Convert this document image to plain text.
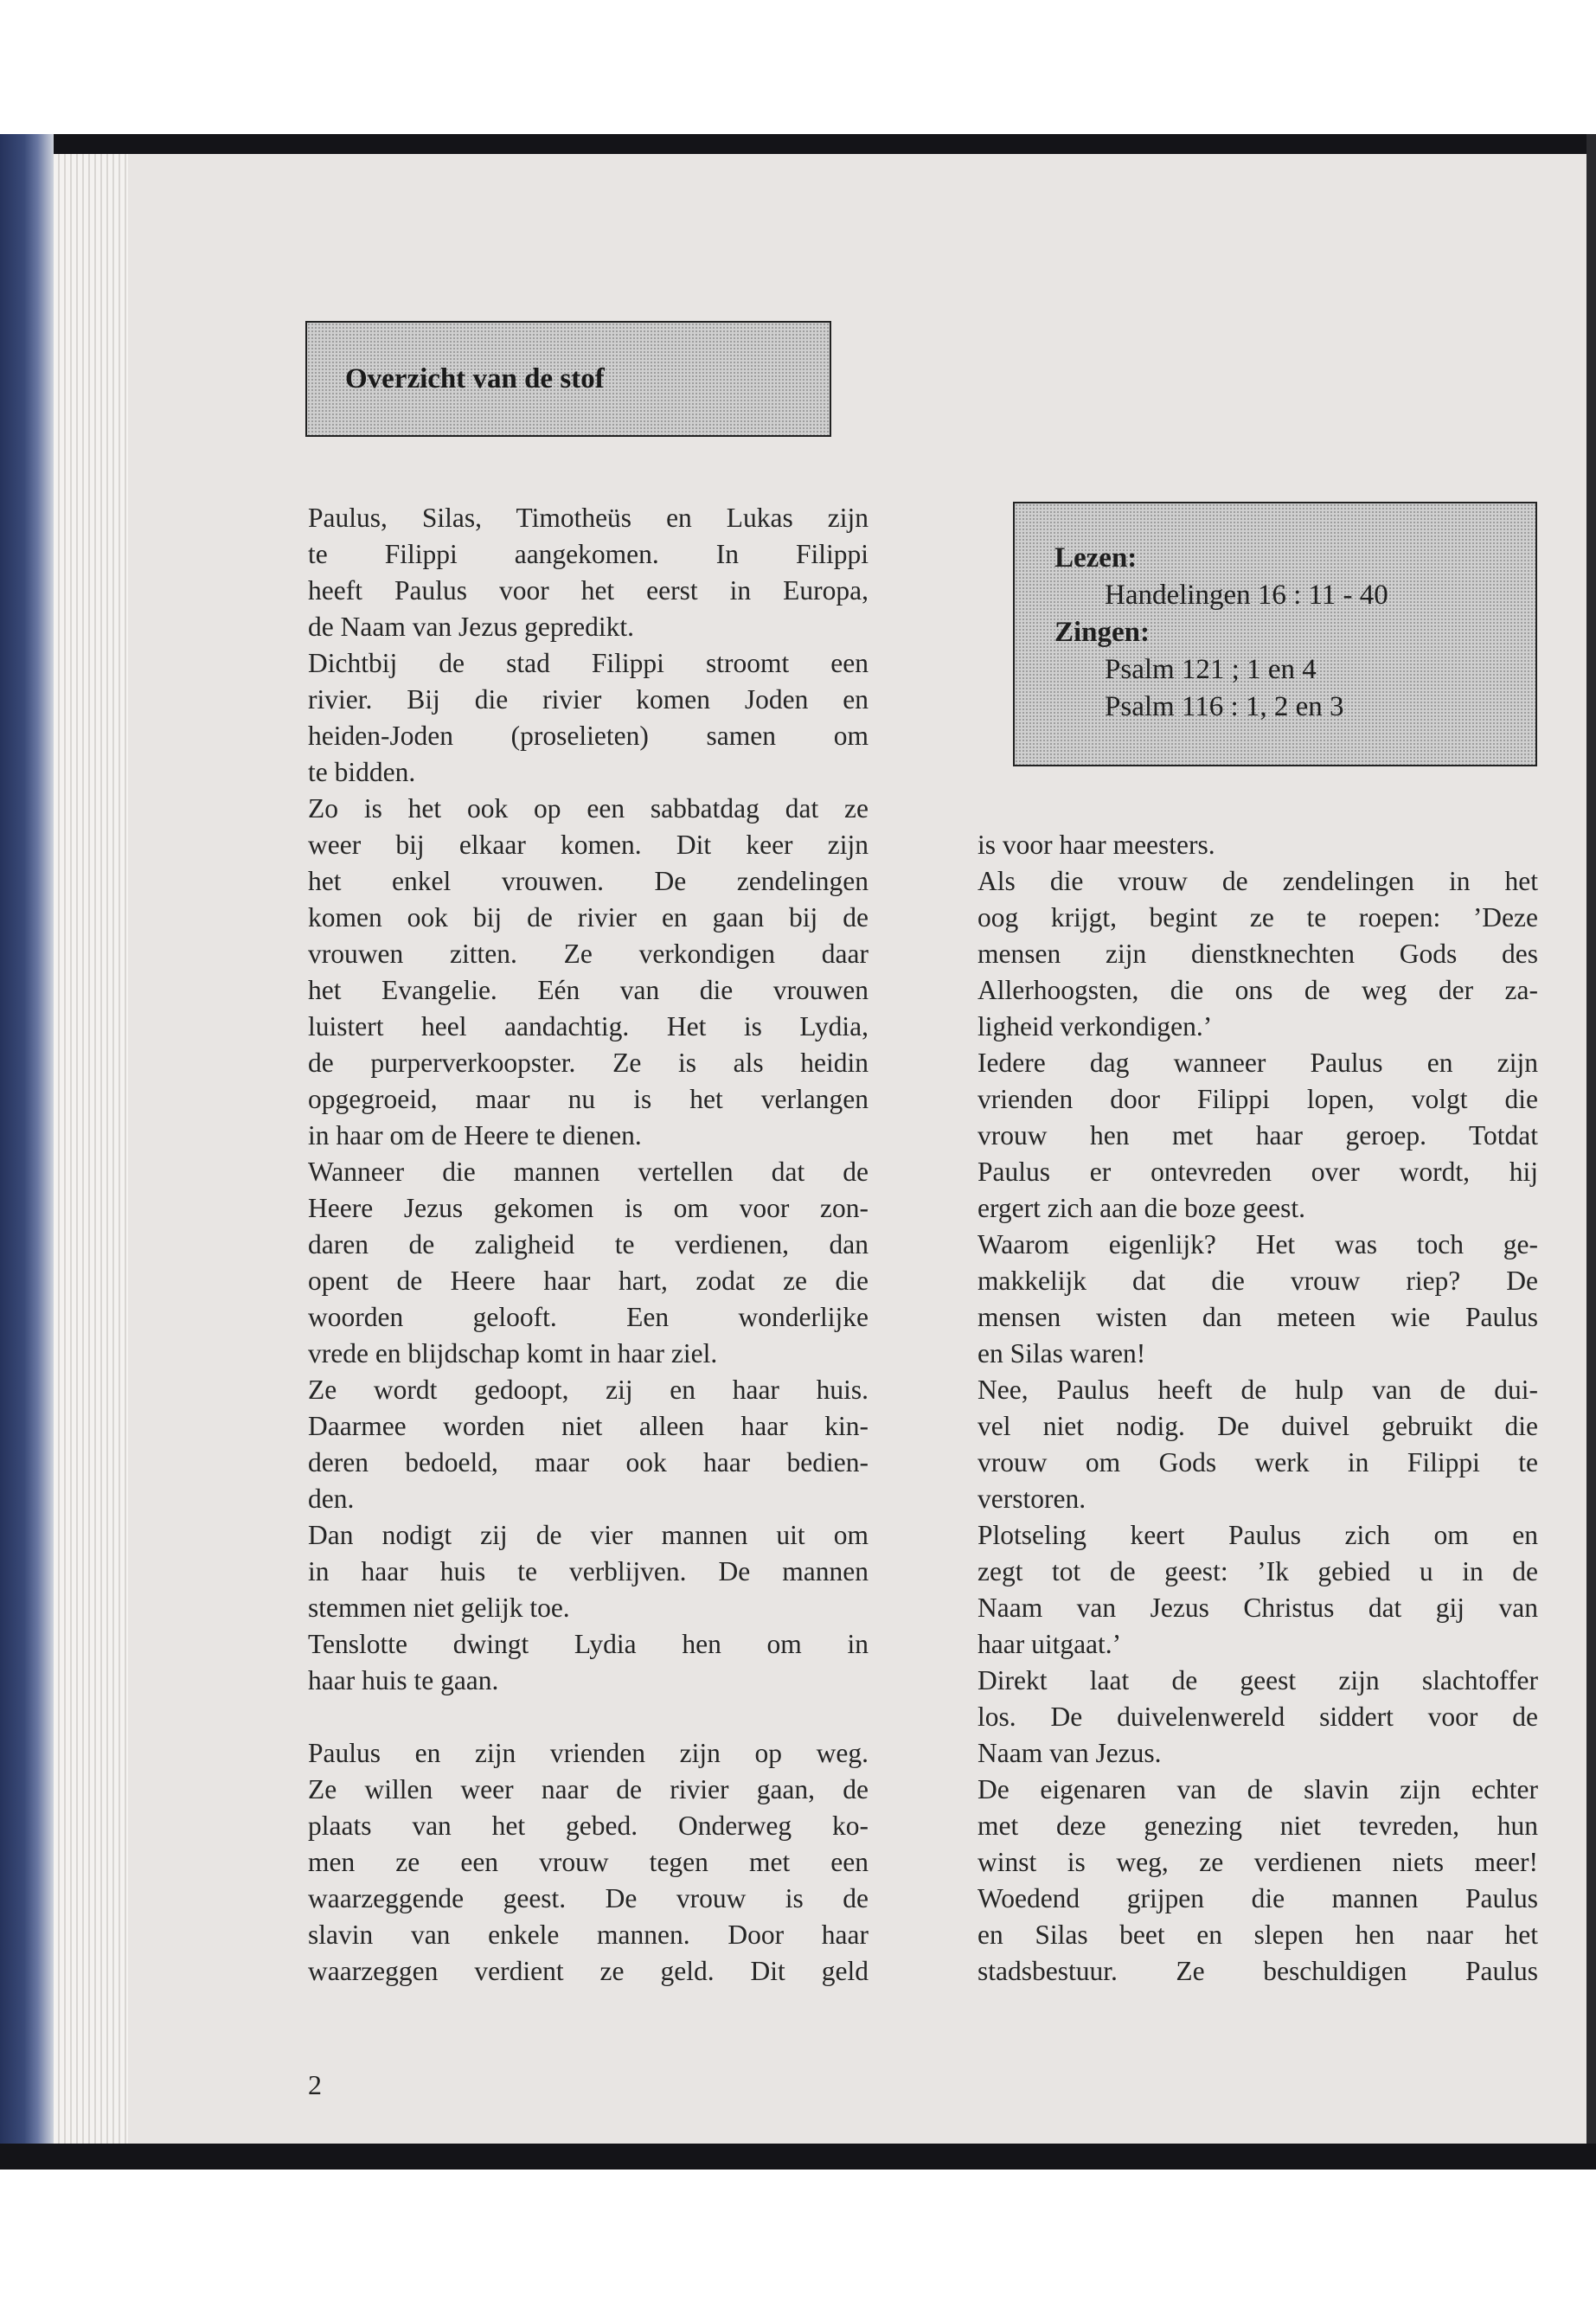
Overzicht van de stof
Lezen:
Handelingen 16 : 11 - 40
Zingen:
Psalm 121 ; 1 en 4
Psalm 116 : 1, 2 en 3
Paulus, Silas, Timotheüs en Lukas zijn
te Filippi aangekomen. In Filippi
heeft Paulus voor het eerst in Europa,
de Naam van Jezus gepredikt.
Dichtbij de stad Filippi stroomt een
rivier. Bij die rivier komen Joden en
heiden-Joden (proselieten) samen om
te bidden.
Zo is het ook op een sabbatdag dat ze
weer bij elkaar komen. Dit keer zijn
het enkel vrouwen. De zendelingen
komen ook bij de rivier en gaan bij de
vrouwen zitten. Ze verkondigen daar
het Evangelie. Eén van die vrouwen
luistert heel aandachtig. Het is Lydia,
de purperverkoopster. Ze is als heidin
opgegroeid, maar nu is het verlangen
in haar om de Heere te dienen.
Wanneer die mannen vertellen dat de
Heere Jezus gekomen is om voor zon-
daren de zaligheid te verdienen, dan
opent de Heere haar hart, zodat ze die
woorden gelooft. Een wonderlijke
vrede en blijdschap komt in haar ziel.
Ze wordt gedoopt, zij en haar huis.
Daarmee worden niet alleen haar kin-
deren bedoeld, maar ook haar bedien-
den.
Dan nodigt zij de vier mannen uit om
in haar huis te verblijven. De mannen
stemmen niet gelijk toe.
Tenslotte dwingt Lydia hen om in
haar huis te gaan.
Paulus en zijn vrienden zijn op weg.
Ze willen weer naar de rivier gaan, de
plaats van het gebed. Onderweg ko-
men ze een vrouw tegen met een
waarzeggende geest. De vrouw is de
slavin van enkele mannen. Door haar
waarzeggen verdient ze geld. Dit geld
is voor haar meesters.
Als die vrouw de zendelingen in het
oog krijgt, begint ze te roepen: ’Deze
mensen zijn dienstknechten Gods des
Allerhoogsten, die ons de weg der za-
ligheid verkondigen.’
Iedere dag wanneer Paulus en zijn
vrienden door Filippi lopen, volgt die
vrouw hen met haar geroep. Totdat
Paulus er ontevreden over wordt, hij
ergert zich aan die boze geest.
Waarom eigenlijk? Het was toch ge-
makkelijk dat die vrouw riep? De
mensen wisten dan meteen wie Paulus
en Silas waren!
Nee, Paulus heeft de hulp van de dui-
vel niet nodig. De duivel gebruikt die
vrouw om Gods werk in Filippi te
verstoren.
Plotseling keert Paulus zich om en
zegt tot de geest: ’Ik gebied u in de
Naam van Jezus Christus dat gij van
haar uitgaat.’
Direkt laat de geest zijn slachtoffer
los. De duivelenwereld siddert voor de
Naam van Jezus.
De eigenaren van de slavin zijn echter
met deze genezing niet tevreden, hun
winst is weg, ze verdienen niets meer!
Woedend grijpen die mannen Paulus
en Silas beet en slepen hen naar het
stadsbestuur. Ze beschuldigen Paulus
2
